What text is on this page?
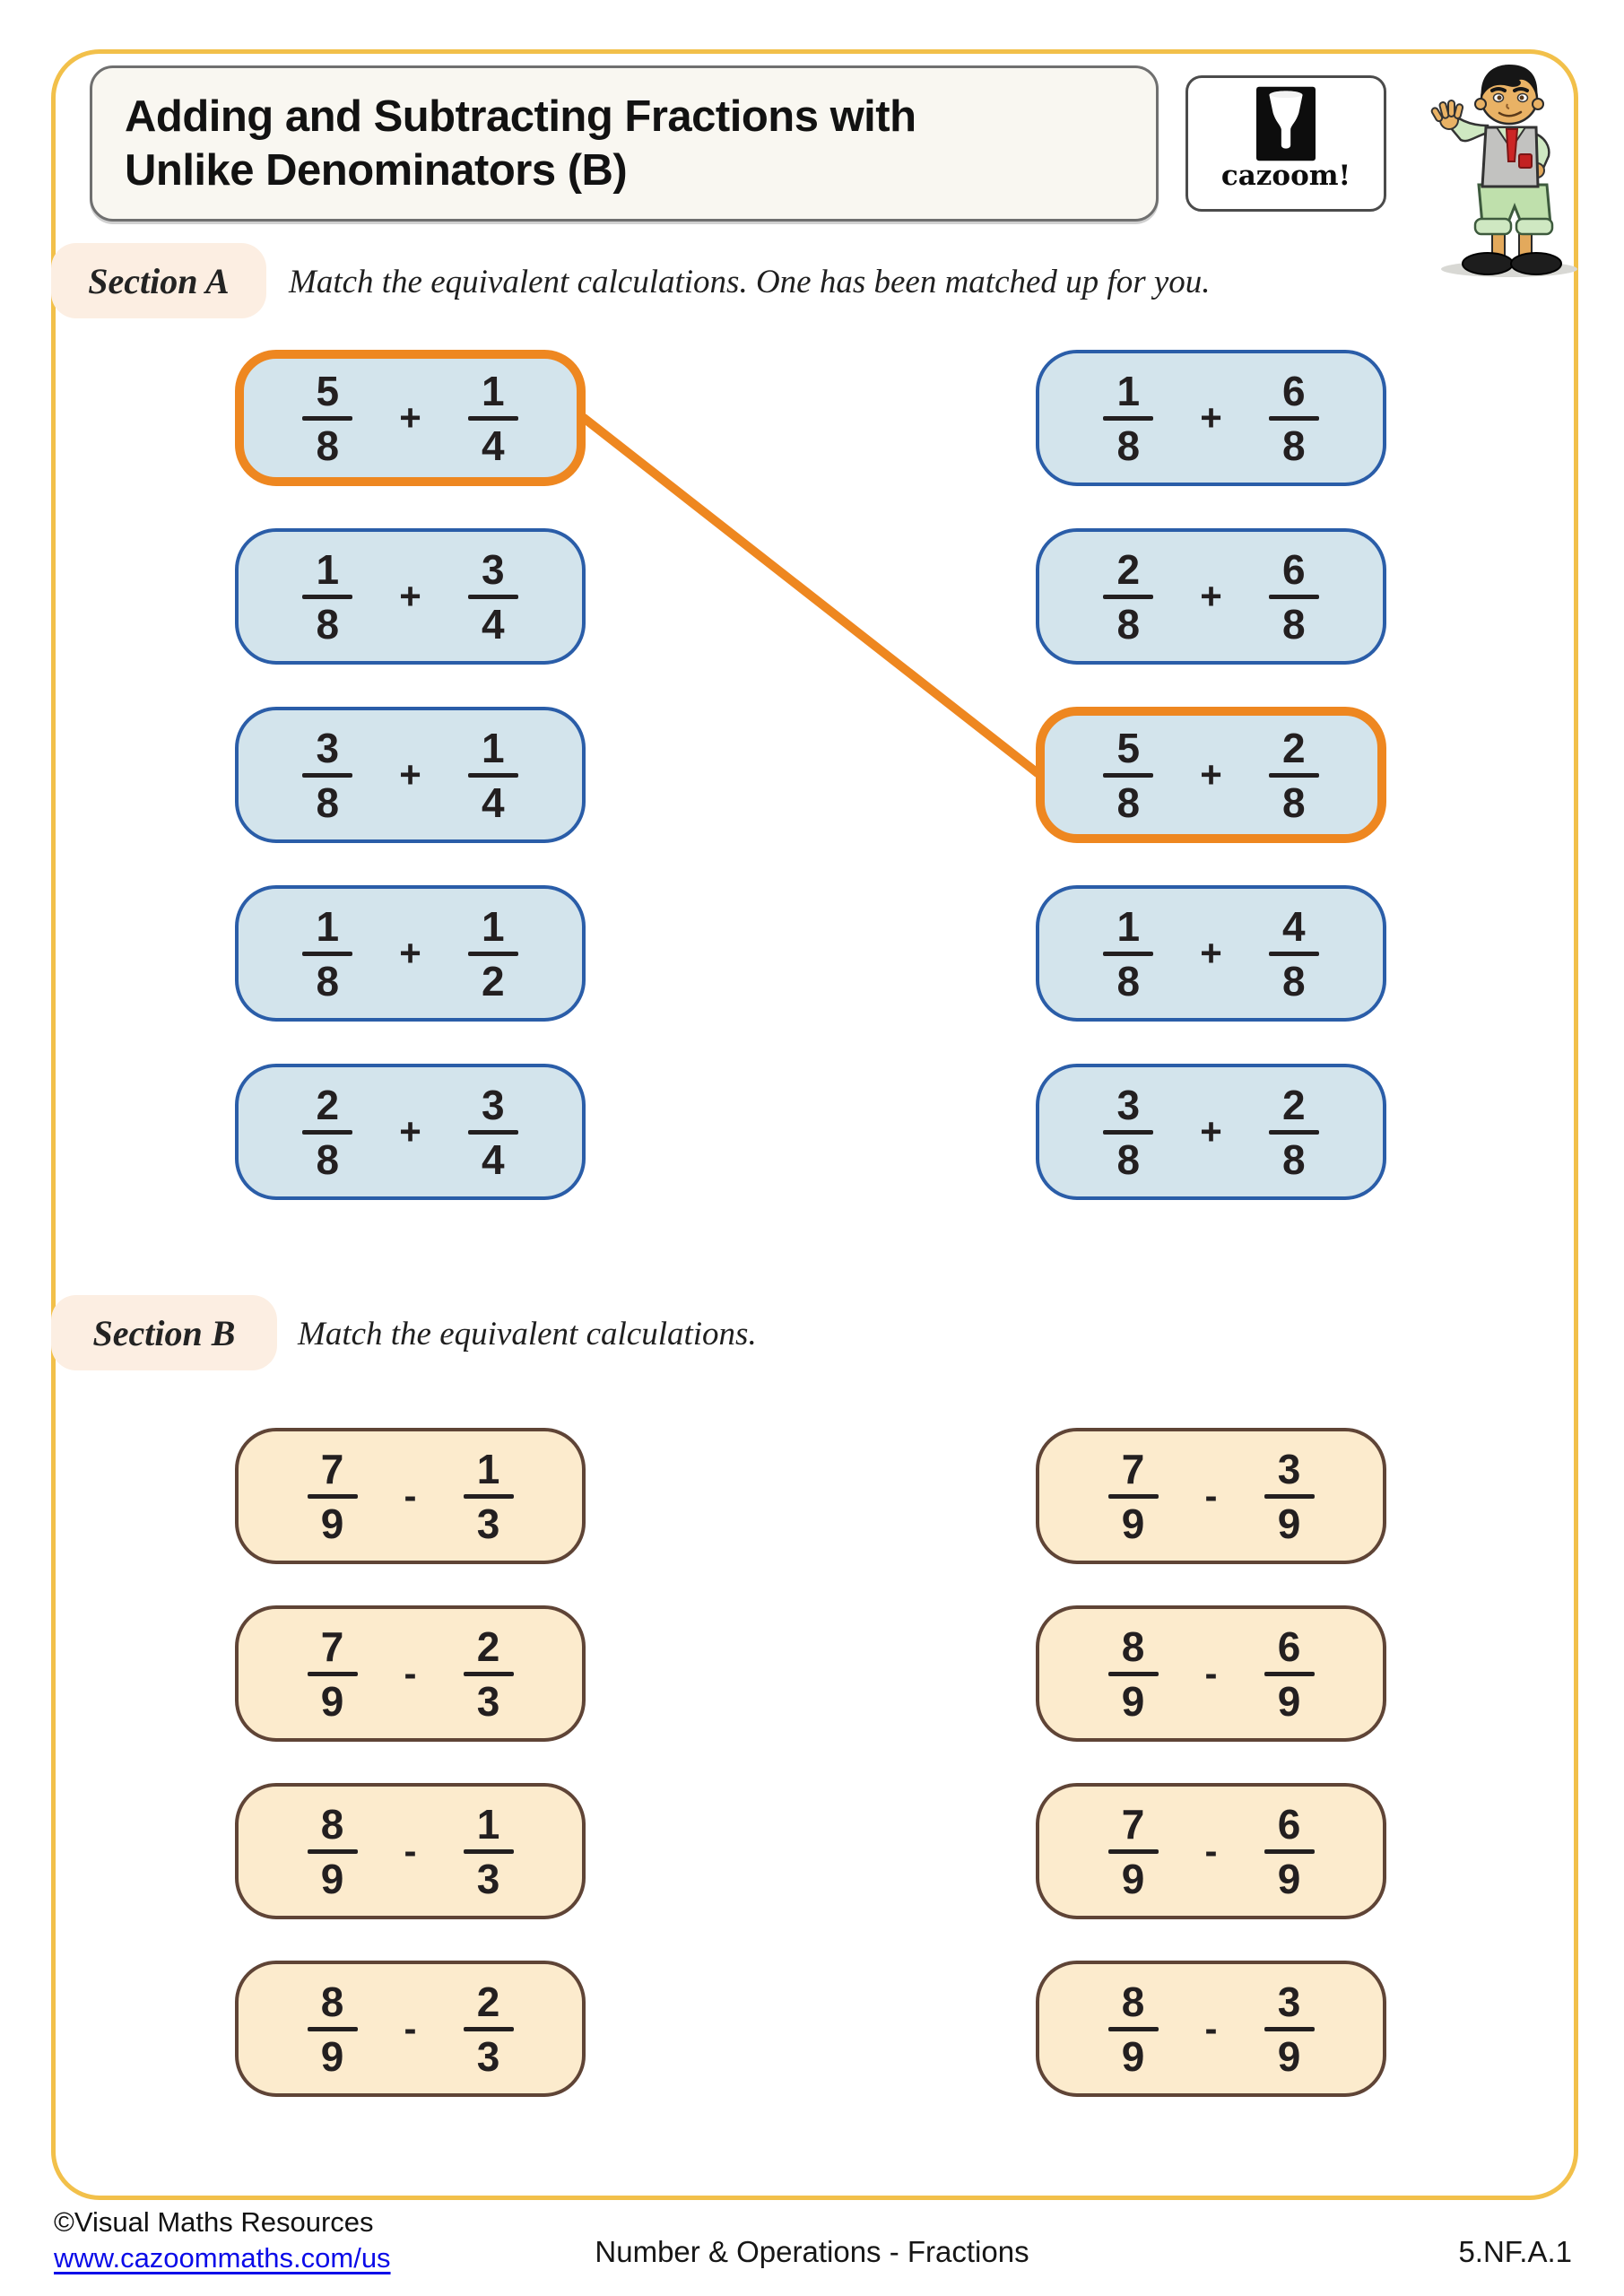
Adding and Subtracting Fractions with
Unlike Denominators (B)	cazoom!
Section A Match the equivalent calculations. One has been matched up for you.
5
8
+
1
4
1
8
+
3
4
3
8
+
1
4
1
8
+
1
2
2
8
+
3
4
1
8
+
6
8
2
8
+
6
8
5
8
+
2
8
1
8
+
4
8
3
8
+
2
8
Section B Match the equivalent calculations.
7
9
-
1
3
7
9
-
2
3
8
9
-
1
3
8
9
-
2
3
7
9
-
3
9
8
9
-
6
9
7
9
-
6
9
8
9
-
3
9
©Visual Maths Resources
www.cazoommaths.com/us	Number & Operations - Fractions	5.NF.A.1
